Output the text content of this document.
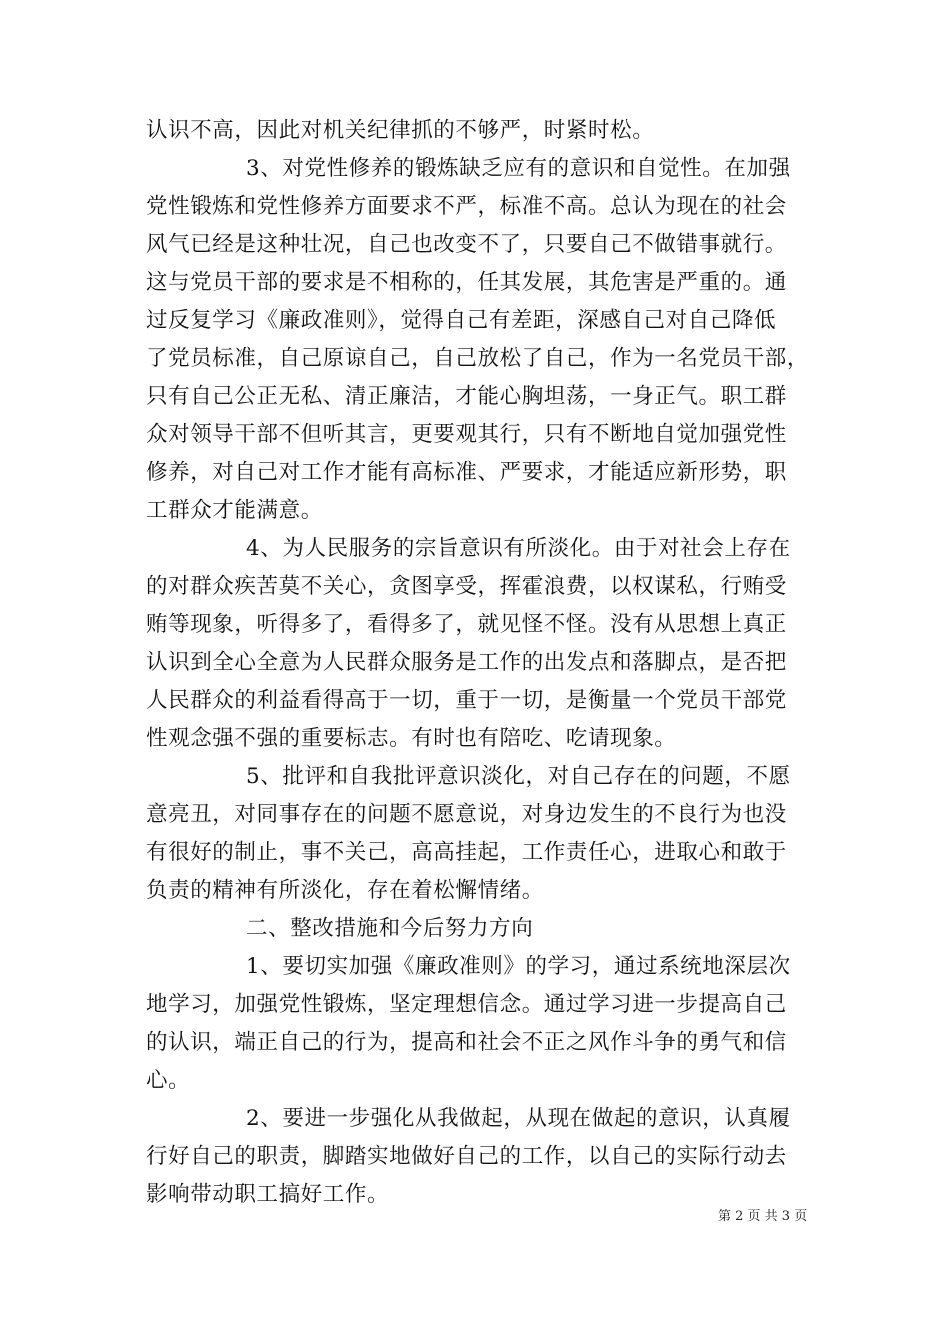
认识不高，因此对机关纪律抓的不够严，时紧时松。
3、对党性修养的锻炼缺乏应有的意识和自觉性。在加强
党性锻炼和党性修养方面要求不严，标准不高。总认为现在的社会
风气已经是这种壮况，自己也改变不了，只要自己不做错事就行。
这与党员干部的要求是不相称的，任其发展，其危害是严重的。通
过反复学习《廉政准则》，觉得自己有差距，深感自己对自己降低
了党员标准，自己原谅自己，自己放松了自己，作为一名党员干部，
只有自己公正无私、清正廉洁，才能心胸坦荡，一身正气。职工群
众对领导干部不但听其言，更要观其行，只有不断地自觉加强党性
修养，对自己对工作才能有高标准、严要求，才能适应新形势，职
工群众才能满意。
4、为人民服务的宗旨意识有所淡化。由于对社会上存在
的对群众疾苦莫不关心，贪图享受，挥霍浪费，以权谋私，行贿受
贿等现象，听得多了，看得多了，就见怪不怪。没有从思想上真正
认识到全心全意为人民群众服务是工作的出发点和落脚点，是否把
人民群众的利益看得高于一切，重于一切，是衡量一个党员干部党
性观念强不强的重要标志。有时也有陪吃、吃请现象。
5、批评和自我批评意识淡化，对自己存在的问题，不愿
意亮丑，对同事存在的问题不愿意说，对身边发生的不良行为也没
有很好的制止，事不关己，高高挂起，工作责任心，进取心和敢于
负责的精神有所淡化，存在着松懈情绪。
二、整改措施和今后努力方向
1、要切实加强《廉政准则》的学习，通过系统地深层次
地学习，加强党性锻炼，坚定理想信念。通过学习进一步提高自己
的认识，端正自己的行为，提高和社会不正之风作斗争的勇气和信
心。
2、要进一步强化从我做起，从现在做起的意识，认真履
行好自己的职责，脚踏实地做好自己的工作，以自己的实际行动去
影响带动职工搞好工作。
第 2 页 共 3 页
